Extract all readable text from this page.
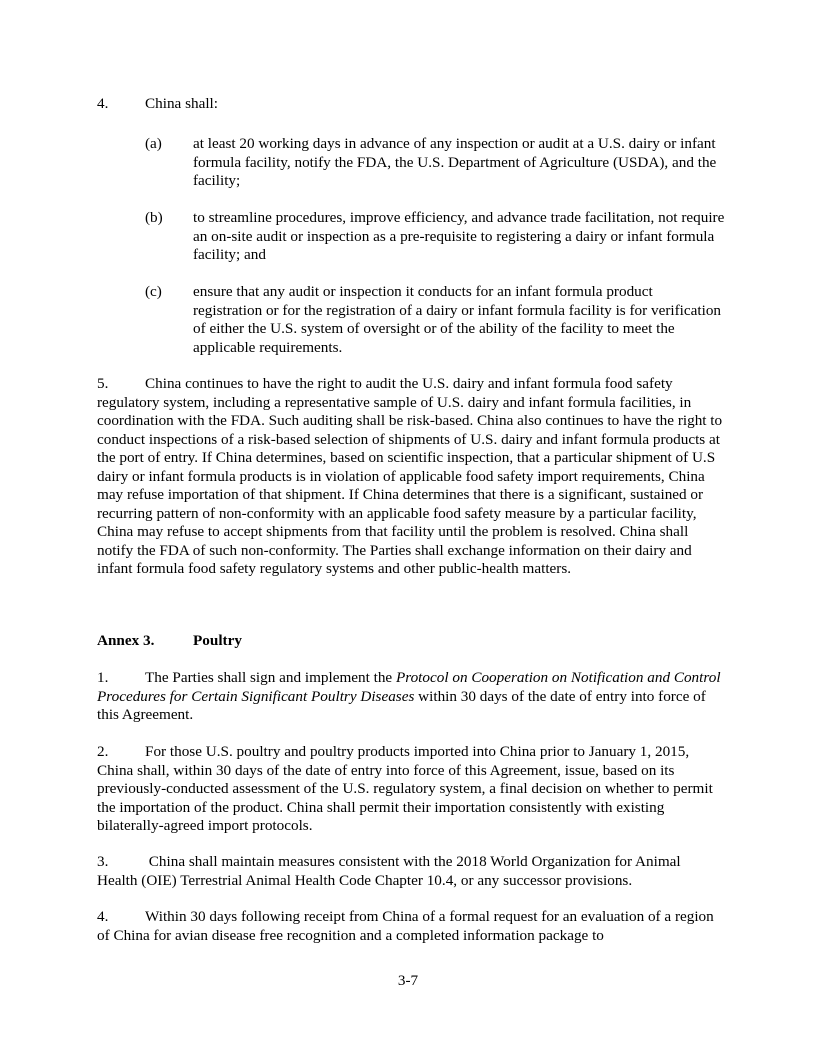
4. China shall:
(a) at least 20 working days in advance of any inspection or audit at a U.S. dairy or infant formula facility, notify the FDA, the U.S. Department of Agriculture (USDA), and the facility;
(b) to streamline procedures, improve efficiency, and advance trade facilitation, not require an on-site audit or inspection as a pre-requisite to registering a dairy or infant formula facility; and
(c) ensure that any audit or inspection it conducts for an infant formula product registration or for the registration of a dairy or infant formula facility is for verification of either the U.S. system of oversight or of the ability of the facility to meet the applicable requirements.
5. China continues to have the right to audit the U.S. dairy and infant formula food safety regulatory system, including a representative sample of U.S. dairy and infant formula facilities, in coordination with the FDA. Such auditing shall be risk-based. China also continues to have the right to conduct inspections of a risk-based selection of shipments of U.S. dairy and infant formula products at the port of entry. If China determines, based on scientific inspection, that a particular shipment of U.S dairy or infant formula products is in violation of applicable food safety import requirements, China may refuse importation of that shipment. If China determines that there is a significant, sustained or recurring pattern of non-conformity with an applicable food safety measure by a particular facility, China may refuse to accept shipments from that facility until the problem is resolved. China shall notify the FDA of such non-conformity. The Parties shall exchange information on their dairy and infant formula food safety regulatory systems and other public-health matters.
Annex 3.	Poultry
1. The Parties shall sign and implement the Protocol on Cooperation on Notification and Control Procedures for Certain Significant Poultry Diseases within 30 days of the date of entry into force of this Agreement.
2. For those U.S. poultry and poultry products imported into China prior to January 1, 2015, China shall, within 30 days of the date of entry into force of this Agreement, issue, based on its previously-conducted assessment of the U.S. regulatory system, a final decision on whether to permit the importation of the product. China shall permit their importation consistently with existing bilaterally-agreed import protocols.
3. China shall maintain measures consistent with the 2018 World Organization for Animal Health (OIE) Terrestrial Animal Health Code Chapter 10.4, or any successor provisions.
4. Within 30 days following receipt from China of a formal request for an evaluation of a region of China for avian disease free recognition and a completed information package to
3-7
